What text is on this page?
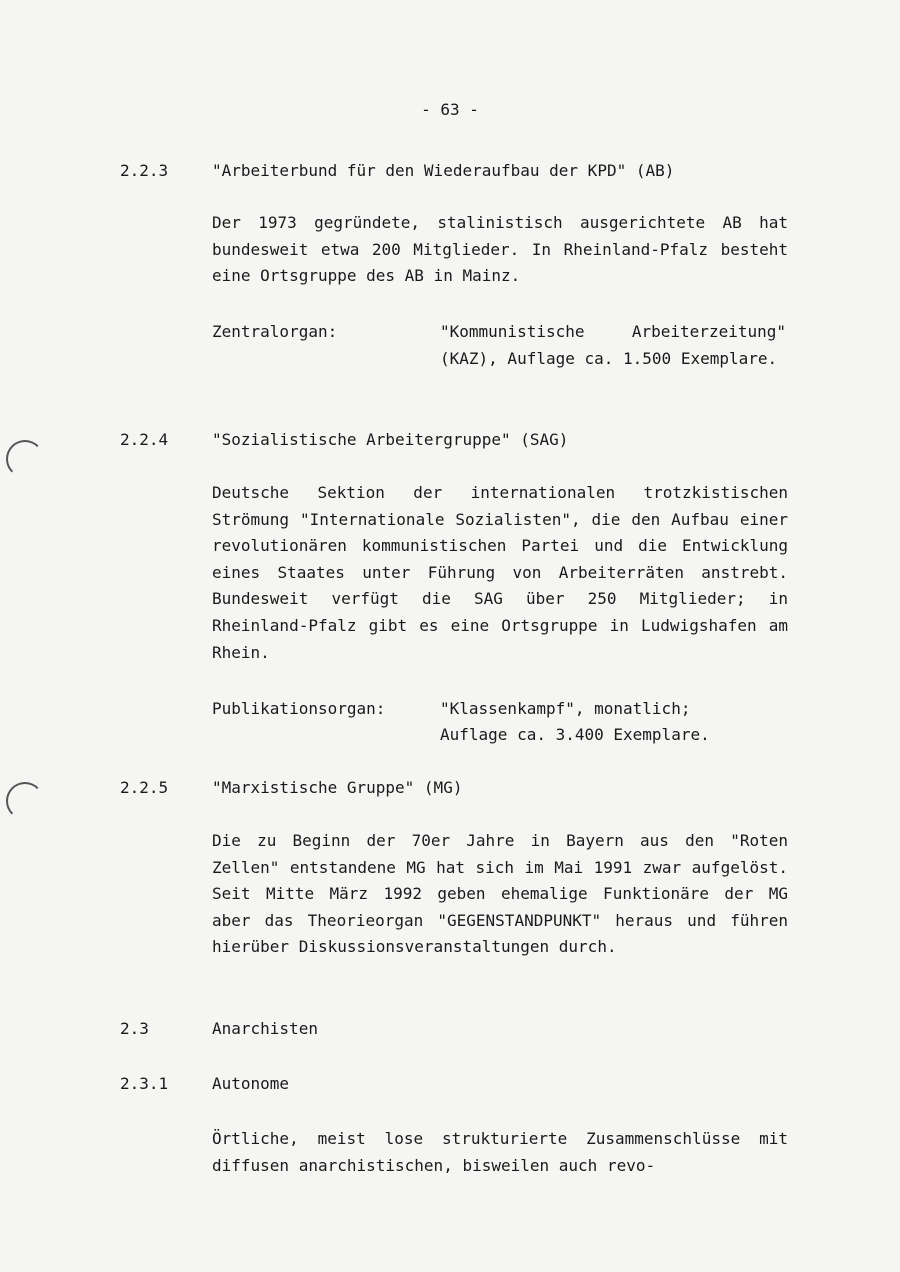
- 63 -
2.2.3	"Arbeiterbund für den Wiederaufbau der KPD" (AB)
Der 1973 gegründete, stalinistisch ausgerichtete AB hat bundesweit etwa 200 Mitglieder. In Rheinland-Pfalz besteht eine Ortsgruppe des AB in Mainz.
Zentralorgan:	"Kommunistische Arbeiterzeitung" (KAZ), Auflage ca. 1.500 Exemplare.
2.2.4	"Sozialistische Arbeitergruppe" (SAG)
Deutsche Sektion der internationalen trotzkistischen Strömung "Internationale Sozialisten", die den Aufbau einer revolutionären kommunistischen Partei und die Entwicklung eines Staates unter Führung von Arbeiterräten anstrebt. Bundesweit verfügt die SAG über 250 Mitglieder; in Rheinland-Pfalz gibt es eine Ortsgruppe in Ludwigshafen am Rhein.
Publikationsorgan:	"Klassenkampf", monatlich;
Auflage ca. 3.400 Exemplare.
2.2.5	"Marxistische Gruppe" (MG)
Die zu Beginn der 70er Jahre in Bayern aus den "Roten Zellen" entstandene MG hat sich im Mai 1991 zwar aufgelöst. Seit Mitte März 1992 geben ehemalige Funktionäre der MG aber das Theorieorgan "GEGENSTANDPUNKT" heraus und führen hierüber Diskussionsveranstaltungen durch.
2.3	Anarchisten
2.3.1	Autonome
Örtliche, meist lose strukturierte Zusammenschlüsse mit diffusen anarchistischen, bisweilen auch revo-
